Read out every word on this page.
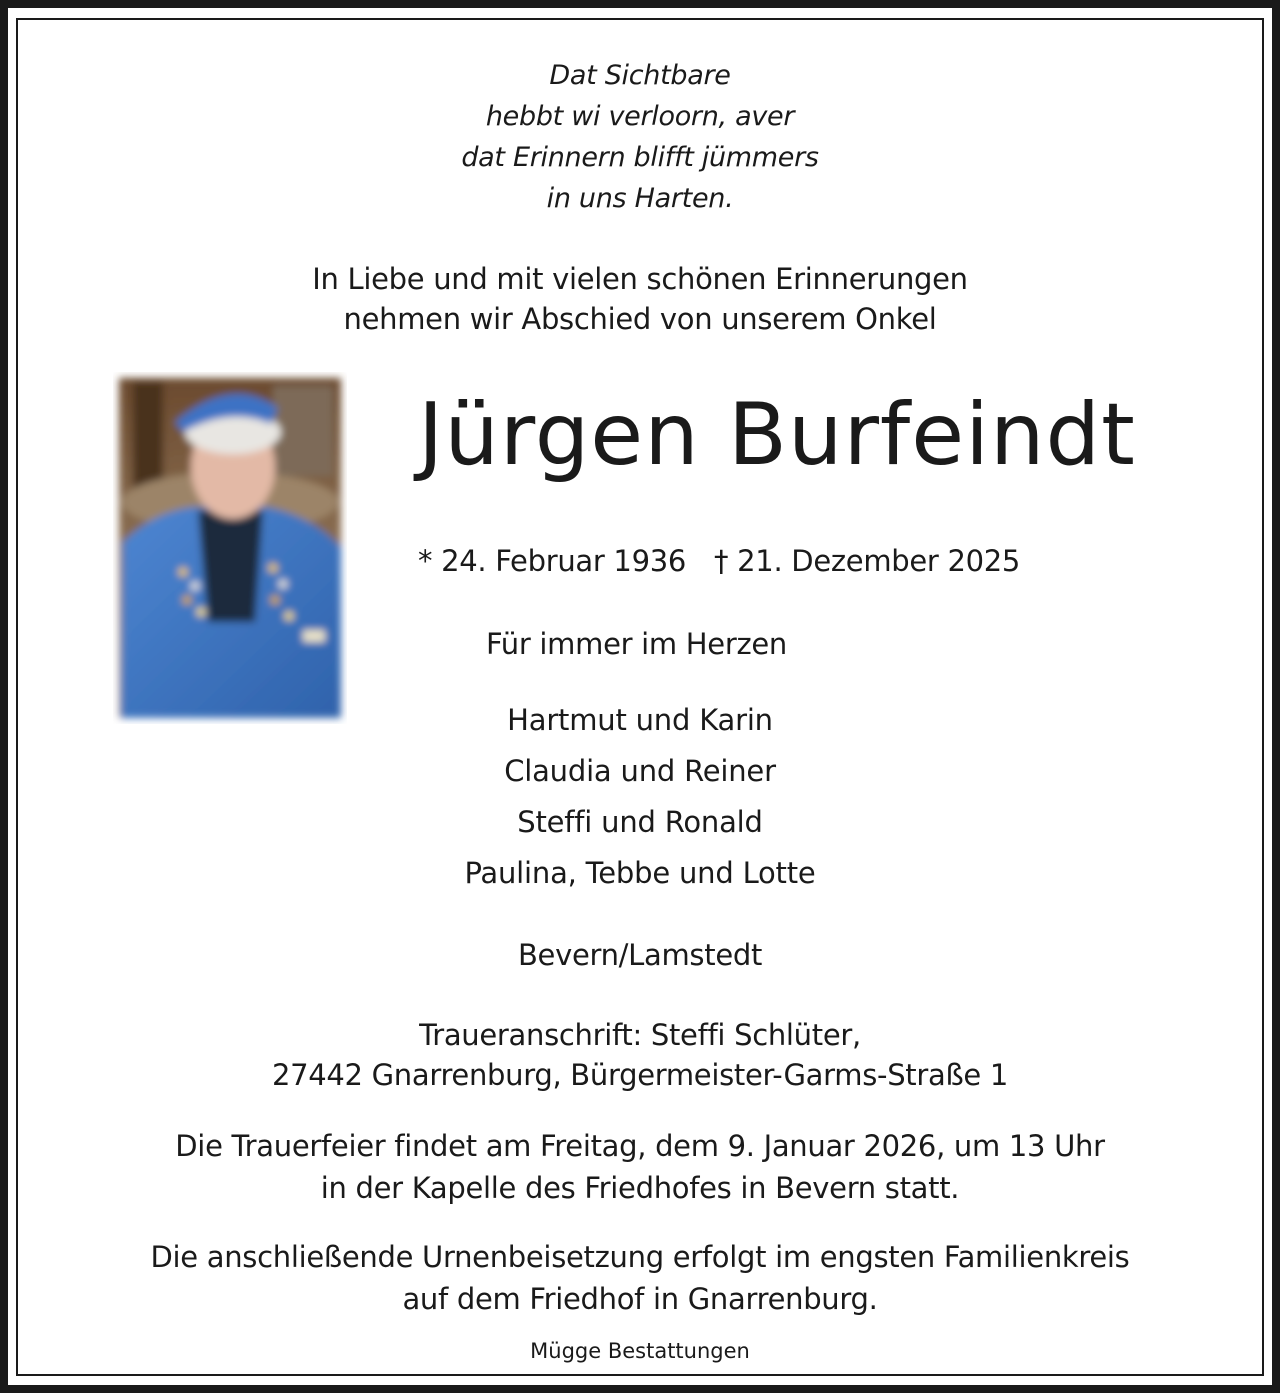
Dat Sichtbare
hebbt wi verloorn, aver
dat Erinnern blifft jümmers
in uns Harten.
In Liebe und mit vielen schönen Erinnerungen
nehmen wir Abschied von unserem Onkel
Jürgen Burfeindt
* 24. Februar 1936 † 21. Dezember 2025
Für immer im Herzen
Hartmut und Karin
Claudia und Reiner
Steffi und Ronald
Paulina, Tebbe und Lotte
Bevern/Lamstedt
Traueranschrift: Steffi Schlüter,
27442 Gnarrenburg, Bürgermeister-Garms-Straße 1
Die Trauerfeier findet am Freitag, dem 9. Januar 2026, um 13 Uhr
in der Kapelle des Friedhofes in Bevern statt.
Die anschließende Urnenbeisetzung erfolgt im engsten Familienkreis
auf dem Friedhof in Gnarrenburg.
Mügge Bestattungen
